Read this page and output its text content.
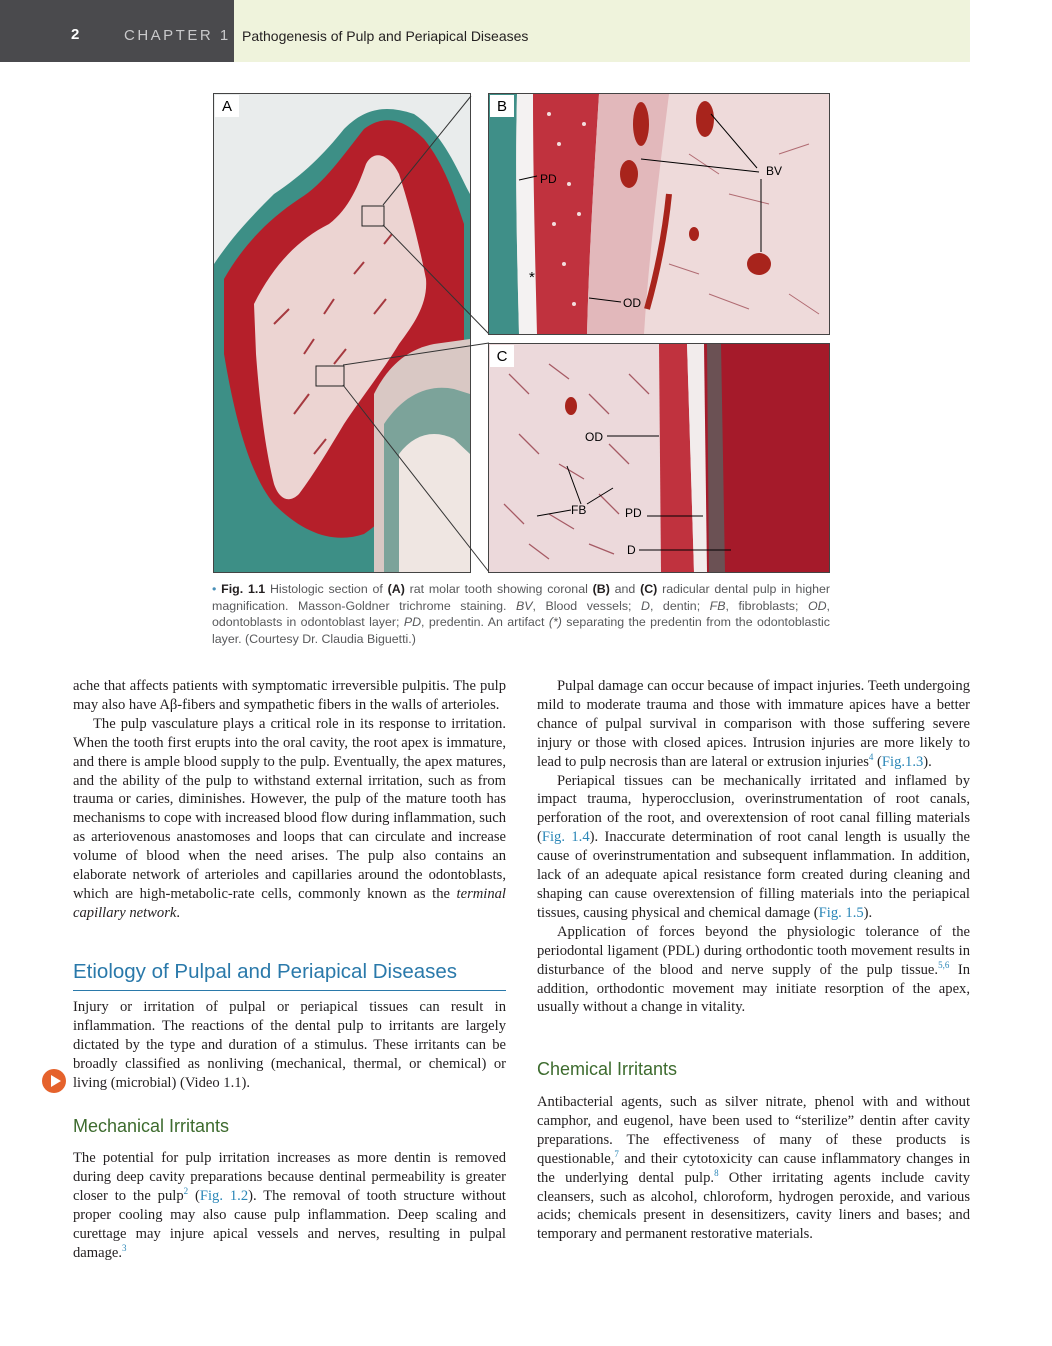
2	CHAPTER 1 Pathogenesis of Pulp and Periapical Diseases
A	B
PD
BV
OD
*
C
OD
FB	PD
D
• Fig. 1.1 Histologic section of (A) rat molar tooth showing coronal (B) and (C) radicular dental pulp in higher magnification. Masson-Goldner trichrome staining. BV, Blood vessels; D, dentin; FB, fibroblasts; OD, odontoblasts in odontoblast layer; PD, predentin. An artifact (*) separating the predentin from the odontoblastic layer. (Courtesy Dr. Claudia Biguetti.)

ache that affects patients with symptomatic irreversible pulpitis. The pulp may also have Aβ-fibers and sympathetic fibers in the walls of arterioles.

The pulp vasculature plays a critical role in its response to irritation. When the tooth first erupts into the oral cavity, the root apex is immature, and there is ample blood supply to the pulp. Eventually, the apex matures, and the ability of the pulp to withstand external irritation, such as from trauma or caries, diminishes. However, the pulp of the mature tooth has mechanisms to cope with increased blood flow during inflammation, such as arteriovenous anastomoses and loops that can circulate and increase volume of blood when the need arises. The pulp also contains an elaborate network of arterioles and capillaries around the odontoblasts, which are high-metabolic-rate cells, commonly known as the terminal capillary network.

Etiology of Pulpal and Periapical Diseases

Injury or irritation of pulpal or periapical tissues can result in inflammation. The reactions of the dental pulp to irritants are largely dictated by the type and duration of a stimulus. These irritants can be broadly classified as nonliving (mechanical, thermal, or chemical) or living (microbial) (Video 1.1).

Mechanical Irritants

The potential for pulp irritation increases as more dentin is removed during deep cavity preparations because dentinal permeability is greater closer to the pulp$^2$ (Fig. 1.2). The removal of tooth structure without proper cooling may also cause pulp inflammation. Deep scaling and curettage may injure apical vessels and nerves, resulting in pulpal damage.$^3$

Pulpal damage can occur because of impact injuries. Teeth undergoing mild to moderate trauma and those with immature apices have a better chance of pulpal survival in comparison with those suffering severe injury or those with closed apices. Intrusion injuries are more likely to lead to pulp necrosis than are lateral or extrusion injuries$^4$ (Fig.1.3).

Periapical tissues can be mechanically irritated and inflamed by impact trauma, hyperocclusion, overinstrumentation of root canals, perforation of the root, and overextension of root canal filling materials (Fig. 1.4). Inaccurate determination of root canal length is usually the cause of overinstrumentation and subsequent inflammation. In addition, lack of an adequate apical resistance form created during cleaning and shaping can cause overextension of filling materials into the periapical tissues, causing physical and chemical damage (Fig. 1.5).

Application of forces beyond the physiologic tolerance of the periodontal ligament (PDL) during orthodontic tooth movement results in disturbance of the blood and nerve supply of the pulp tissue.$^{5,6}$ In addition, orthodontic movement may initiate resorption of the apex, usually without a change in vitality.

Chemical Irritants

Antibacterial agents, such as silver nitrate, phenol with and without camphor, and eugenol, have been used to “sterilize” dentin after cavity preparations. The effectiveness of many of these products is questionable,$^7$ and their cytotoxicity can cause inflammatory changes in the underlying dental pulp.$^8$ Other irritating agents include cavity cleansers, such as alcohol, chloroform, hydrogen peroxide, and various acids; chemicals present in desensitizers, cavity liners and bases; and temporary and permanent restorative materials.
